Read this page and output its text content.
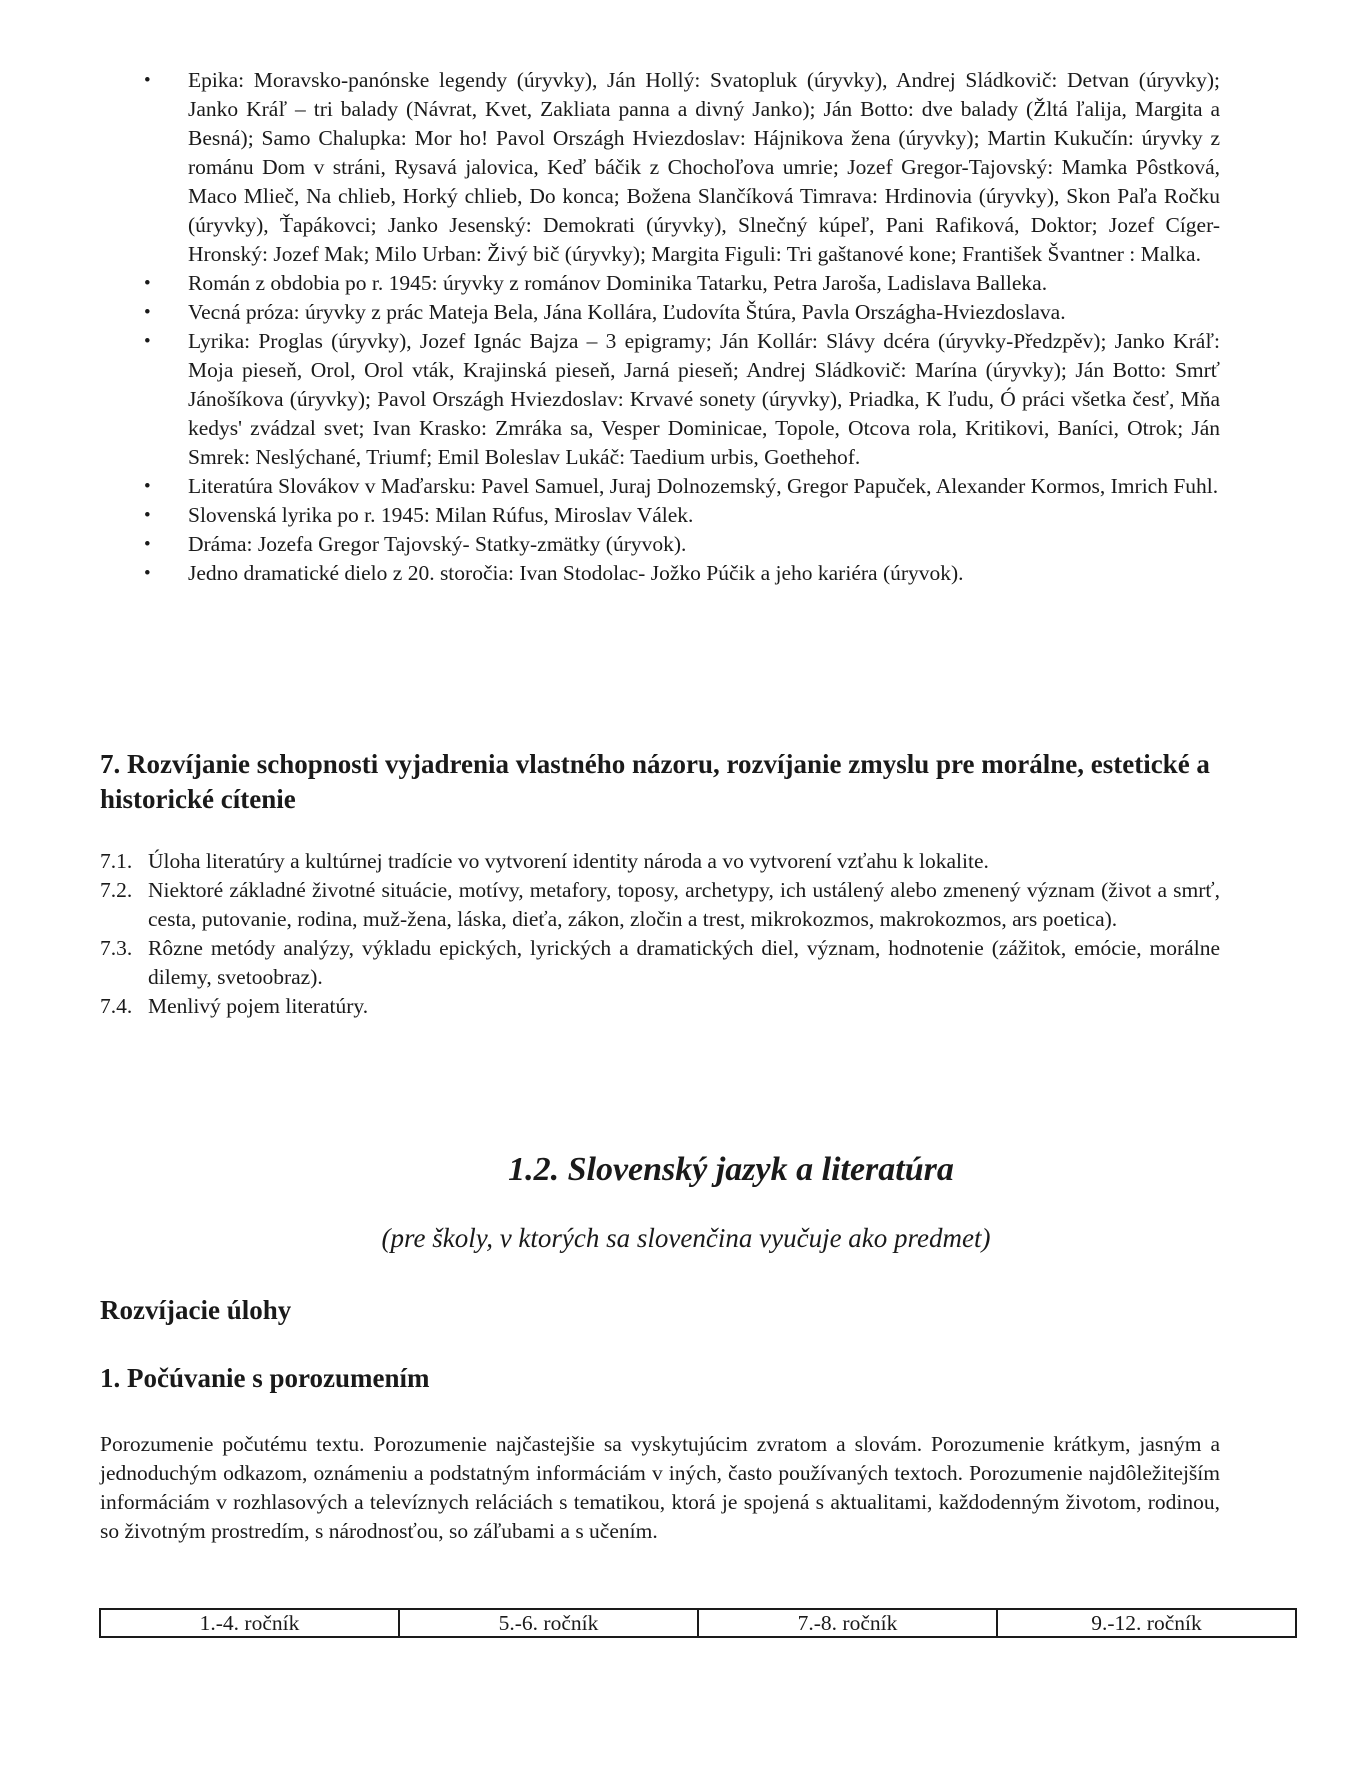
• Epika: Moravsko-panónske legendy (úryvky), Ján Hollý: Svatopluk (úryvky), Andrej Sládkovič: Detvan (úryvky); Janko Kráľ – tri balady (Návrat, Kvet, Zakliata panna a divný Janko); Ján Botto: dve balady (Žltá ľalija, Margita a Besná); Samo Chalupka: Mor ho! Pavol Országh Hviezdoslav: Hájnikova žena (úryvky); Martin Kukučín: úryvky z románu Dom v stráni, Rysavá jalovica, Keď báčik z Chochoľova umrie; Jozef Gregor-Tajovský: Mamka Pôstková, Maco Mlieč, Na chlieb, Horký chlieb, Do konca; Božena Slančíková Timrava: Hrdinovia (úryvky), Skon Paľa Ročku (úryvky), Ťapákovci; Janko Jesenský: Demokrati (úryvky), Slnečný kúpeľ, Pani Rafiková, Doktor; Jozef Cíger-Hronský: Jozef Mak; Milo Urban: Živý bič (úryvky); Margita Figuli: Tri gaštanové kone; František Švantner : Malka.
• Román z obdobia po r. 1945: úryvky z románov Dominika Tatarku, Petra Jaroša, Ladislava Balleka.
• Vecná próza: úryvky z prác Mateja Bela, Jána Kollára, Ľudovíta Štúra, Pavla Országha-Hviezdoslava.
• Lyrika: Proglas (úryvky), Jozef Ignác Bajza – 3 epigramy; Ján Kollár: Slávy dcéra (úryvky-Předzpěv); Janko Kráľ: Moja pieseň, Orol, Orol vták, Krajinská pieseň, Jarná pieseň; Andrej Sládkovič: Marína (úryvky); Ján Botto: Smrť Jánošíkova (úryvky); Pavol Országh Hviezdoslav: Krvavé sonety (úryvky), Priadka, K ľudu, Ó práci všetka česť, Mňa kedys' zvádzal svet; Ivan Krasko: Zmráka sa, Vesper Dominicae, Topole, Otcova rola, Kritikovi, Baníci, Otrok; Ján Smrek: Neslýchané, Triumf; Emil Boleslav Lukáč: Taedium urbis, Goethehof.
• Literatúra Slovákov v Maďarsku: Pavel Samuel, Juraj Dolnozemský, Gregor Papuček, Alexander Kormos, Imrich Fuhl.
• Slovenská lyrika po r. 1945: Milan Rúfus, Miroslav Válek.
• Dráma: Jozefa Gregor Tajovský- Statky-zmätky (úryvok).
• Jedno dramatické dielo z 20. storočia: Ivan Stodolac- Jožko Púčik a jeho kariéra (úryvok).
7. Rozvíjanie schopnosti vyjadrenia vlastného názoru, rozvíjanie zmyslu pre morálne, estetické a historické cítenie
7.1. Úloha literatúry a kultúrnej tradície vo vytvorení identity národa a vo vytvorení vzťahu k lokalite.
7.2. Niektoré základné životné situácie, motívy, metafory, toposy, archetypy, ich ustálený alebo zmenený význam (život a smrť, cesta, putovanie, rodina, muž-žena, láska, dieťa, zákon, zločin a trest, mikrokozmos, makrokozmos, ars poetica).
7.3. Rôzne metódy analýzy, výkladu epických, lyrických a dramatických diel, význam, hodnotenie (zážitok, emócie, morálne dilemy, svetoobraz).
7.4. Menlivý pojem literatúry.
1.2. Slovenský jazyk a literatúra

(pre školy, v ktorých sa slovenčina vyučuje ako predmet)

Rozvíjacie úlohy
1. Počúvanie s porozumením

Porozumenie počutému textu. Porozumenie najčastejšie sa vyskytujúcim zvratom a slovám. Porozumenie krátkym, jasným a jednoduchým odkazom, oznámeniu a podstatným informáciám v iných, často používaných textoch. Porozumenie najdôležitejším informáciám v rozhlasových a televíznych reláciách s tematikou, ktorá je spojená s aktualitami, každodenným životom, rodinou, so životným prostredím, s národnosťou, so záľubami a s učením.

1.-4. ročník	5.-6. ročník	7.-8. ročník	9.-12. ročník
